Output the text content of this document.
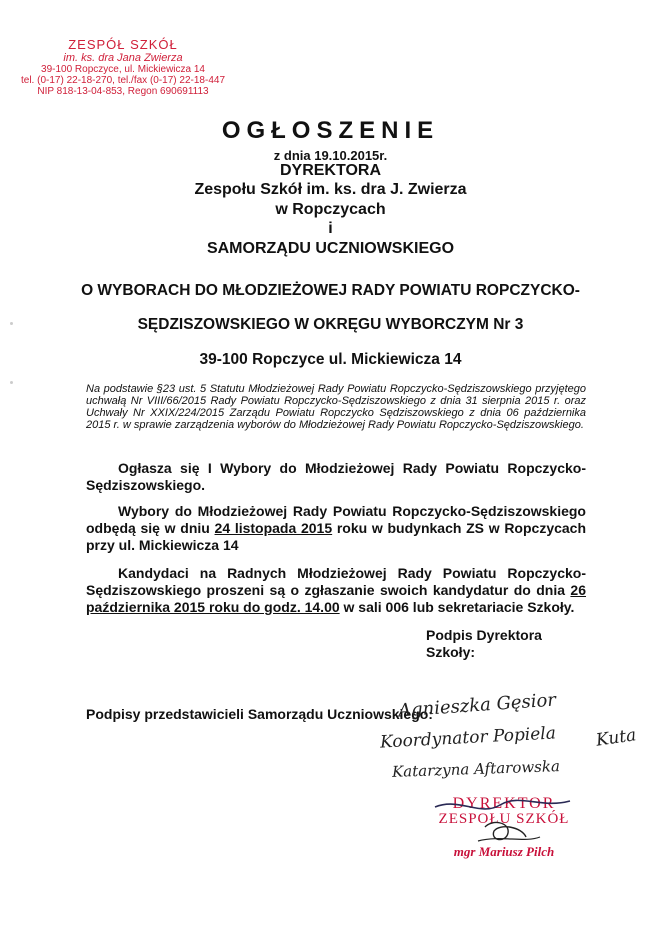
ZESPÓŁ SZKÓŁ
im. ks. dra Jana Zwierza
39-100 Ropczyce, ul. Mickiewicza 14
tel. (0-17) 22-18-270, tel./fax (0-17) 22-18-447
NIP 818-13-04-853, Regon 690691113
OGŁOSZENIE
z dnia 19.10.2015r.
DYREKTORA
Zespołu Szkół im. ks. dra J. Zwierza
w Ropczycach
i
SAMORZĄDU UCZNIOWSKIEGO
O WYBORACH DO MŁODZIEŻOWEJ RADY POWIATU ROPCZYCKO-
SĘDZISZOWSKIEGO W OKRĘGU WYBORCZYM Nr 3
39-100 Ropczyce ul. Mickiewicza 14
Na podstawie §23 ust. 5 Statutu Młodzieżowej Rady Powiatu Ropczycko-Sędziszowskiego przyjętego uchwałą Nr VIII/66/2015 Rady Powiatu Ropczycko-Sędziszowskiego z dnia 31 sierpnia 2015 r. oraz Uchwały Nr XXIX/224/2015 Zarządu Powiatu Ropczycko Sędziszowskiego z dnia 06 października 2015 r. w sprawie zarządzenia wyborów do Młodzieżowej Rady Powiatu Ropczycko-Sędziszowskiego.
Ogłasza się I Wybory do Młodzieżowej Rady Powiatu Ropczycko-Sędziszowskiego.
Wybory do Młodzieżowej Rady Powiatu Ropczycko-Sędziszowskiego odbędą się w dniu 24 listopada 2015 roku w budynkach ZS w Ropczycach przy ul. Mickiewicza 14
Kandydaci na Radnych Młodzieżowej Rady Powiatu Ropczycko-Sędziszowskiego proszeni są o zgłaszanie swoich kandydatur do dnia 26 października 2015 roku do godz. 14.00 w sali 006 lub sekretariacie Szkoły.
Podpis Dyrektora
Szkoły:
Podpisy przedstawicieli Samorządu Uczniowskiego:
Agnieszka Gęsior
Koordynator Popiela Kuta
Katarzyna Aftarowska
DYREKTOR
ZESPOŁU SZKÓŁ
mgr Mariusz Pilch
